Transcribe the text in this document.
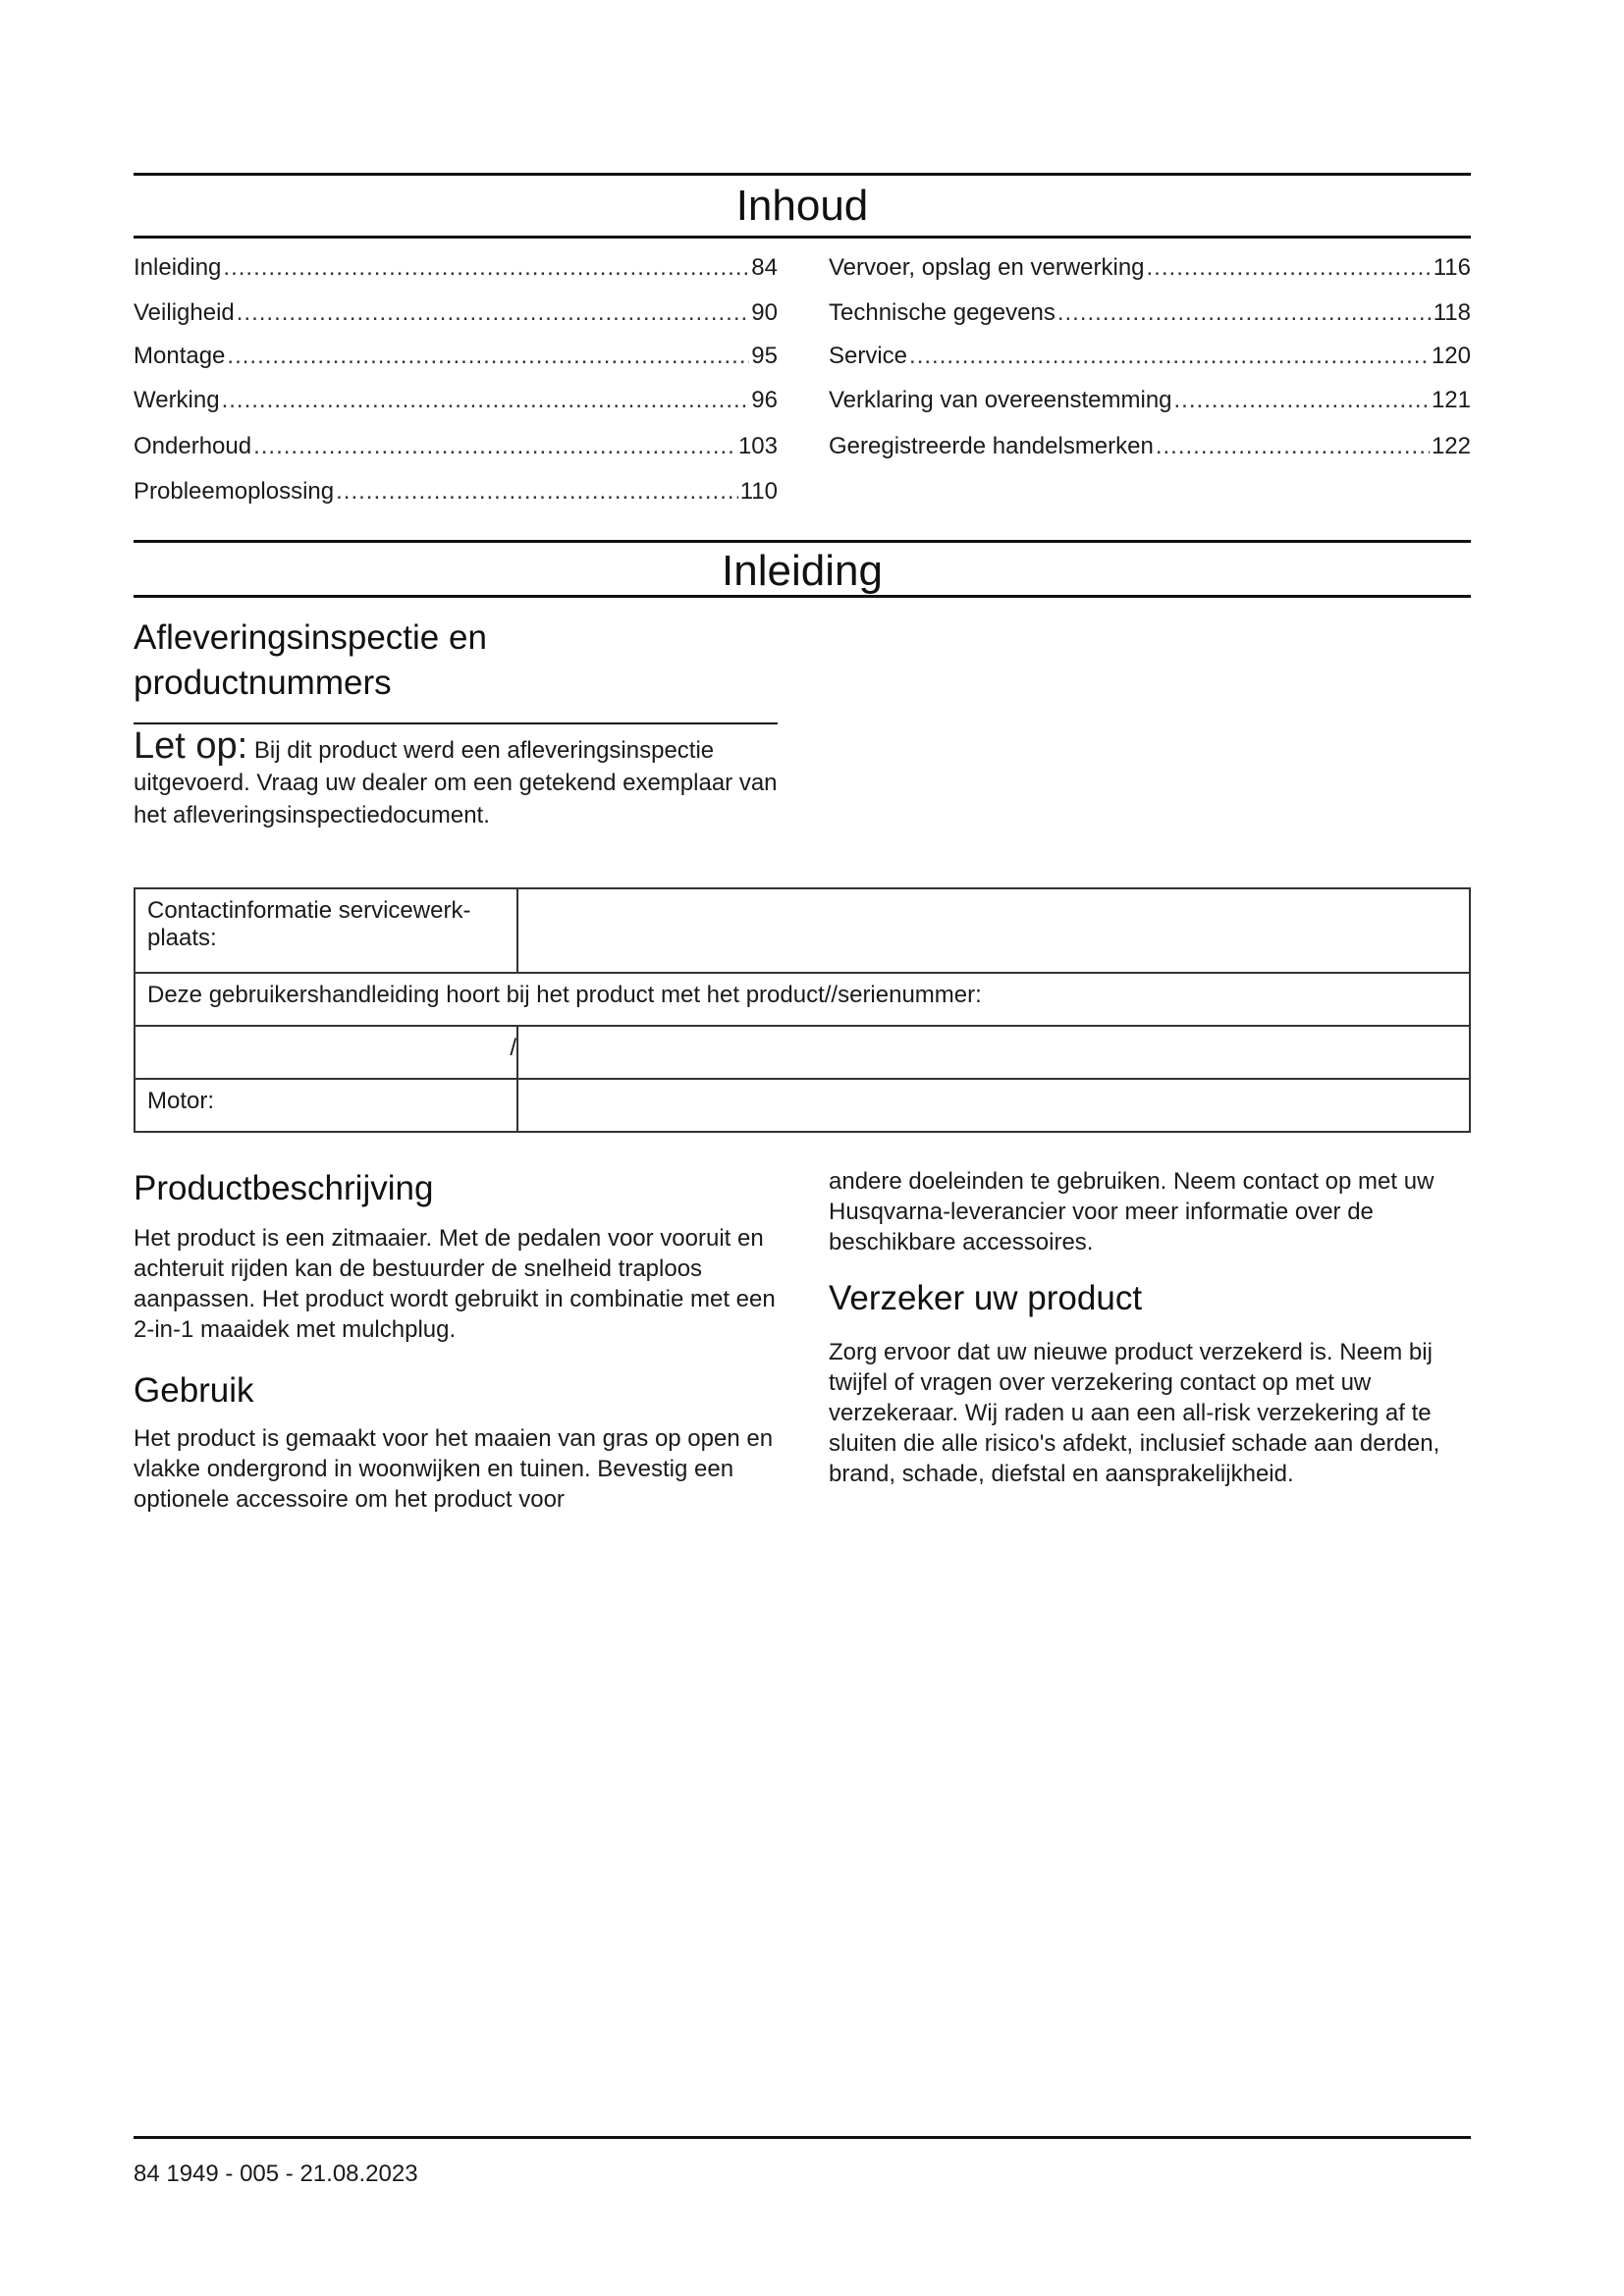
Inhoud
Inleiding .....	84
Veiligheid .....	90
Montage .....	95
Werking .....	96
Onderhoud .....	103
Probleemoplossing .....	110
Vervoer, opslag en verwerking .....	116
Technische gegevens .....	118
Service .....	120
Verklaring van overeenstemming .....	121
Geregistreerde handelsmerken .....	122
Inleiding
Afleveringsinspectie en productnummers
Let op: Bij dit product werd een afleveringsinspectie uitgevoerd. Vraag uw dealer om een getekend exemplaar van het afleveringsinspectiedocument.
Contactinformatie servicewerk-plaats:	
Deze gebruikershandleiding hoort bij het product met het product//serienummer:	
/	
Motor:	
Productbeschrijving
Het product is een zitmaaier. Met de pedalen voor vooruit en achteruit rijden kan de bestuurder de snelheid traploos aanpassen. Het product wordt gebruikt in combinatie met een 2-in-1 maaidek met mulchplug.
Gebruik
Het product is gemaakt voor het maaien van gras op open en vlakke ondergrond in woonwijken en tuinen. Bevestig een optionele accessoire om het product voor
andere doeleinden te gebruiken. Neem contact op met uw Husqvarna-leverancier voor meer informatie over de beschikbare accessoires.
Verzeker uw product
Zorg ervoor dat uw nieuwe product verzekerd is. Neem bij twijfel of vragen over verzekering contact op met uw verzekeraar. Wij raden u aan een all-risk verzekering af te sluiten die alle risico's afdekt, inclusief schade aan derden, brand, schade, diefstal en aansprakelijkheid.
84 1949 - 005 - 21.08.2023
